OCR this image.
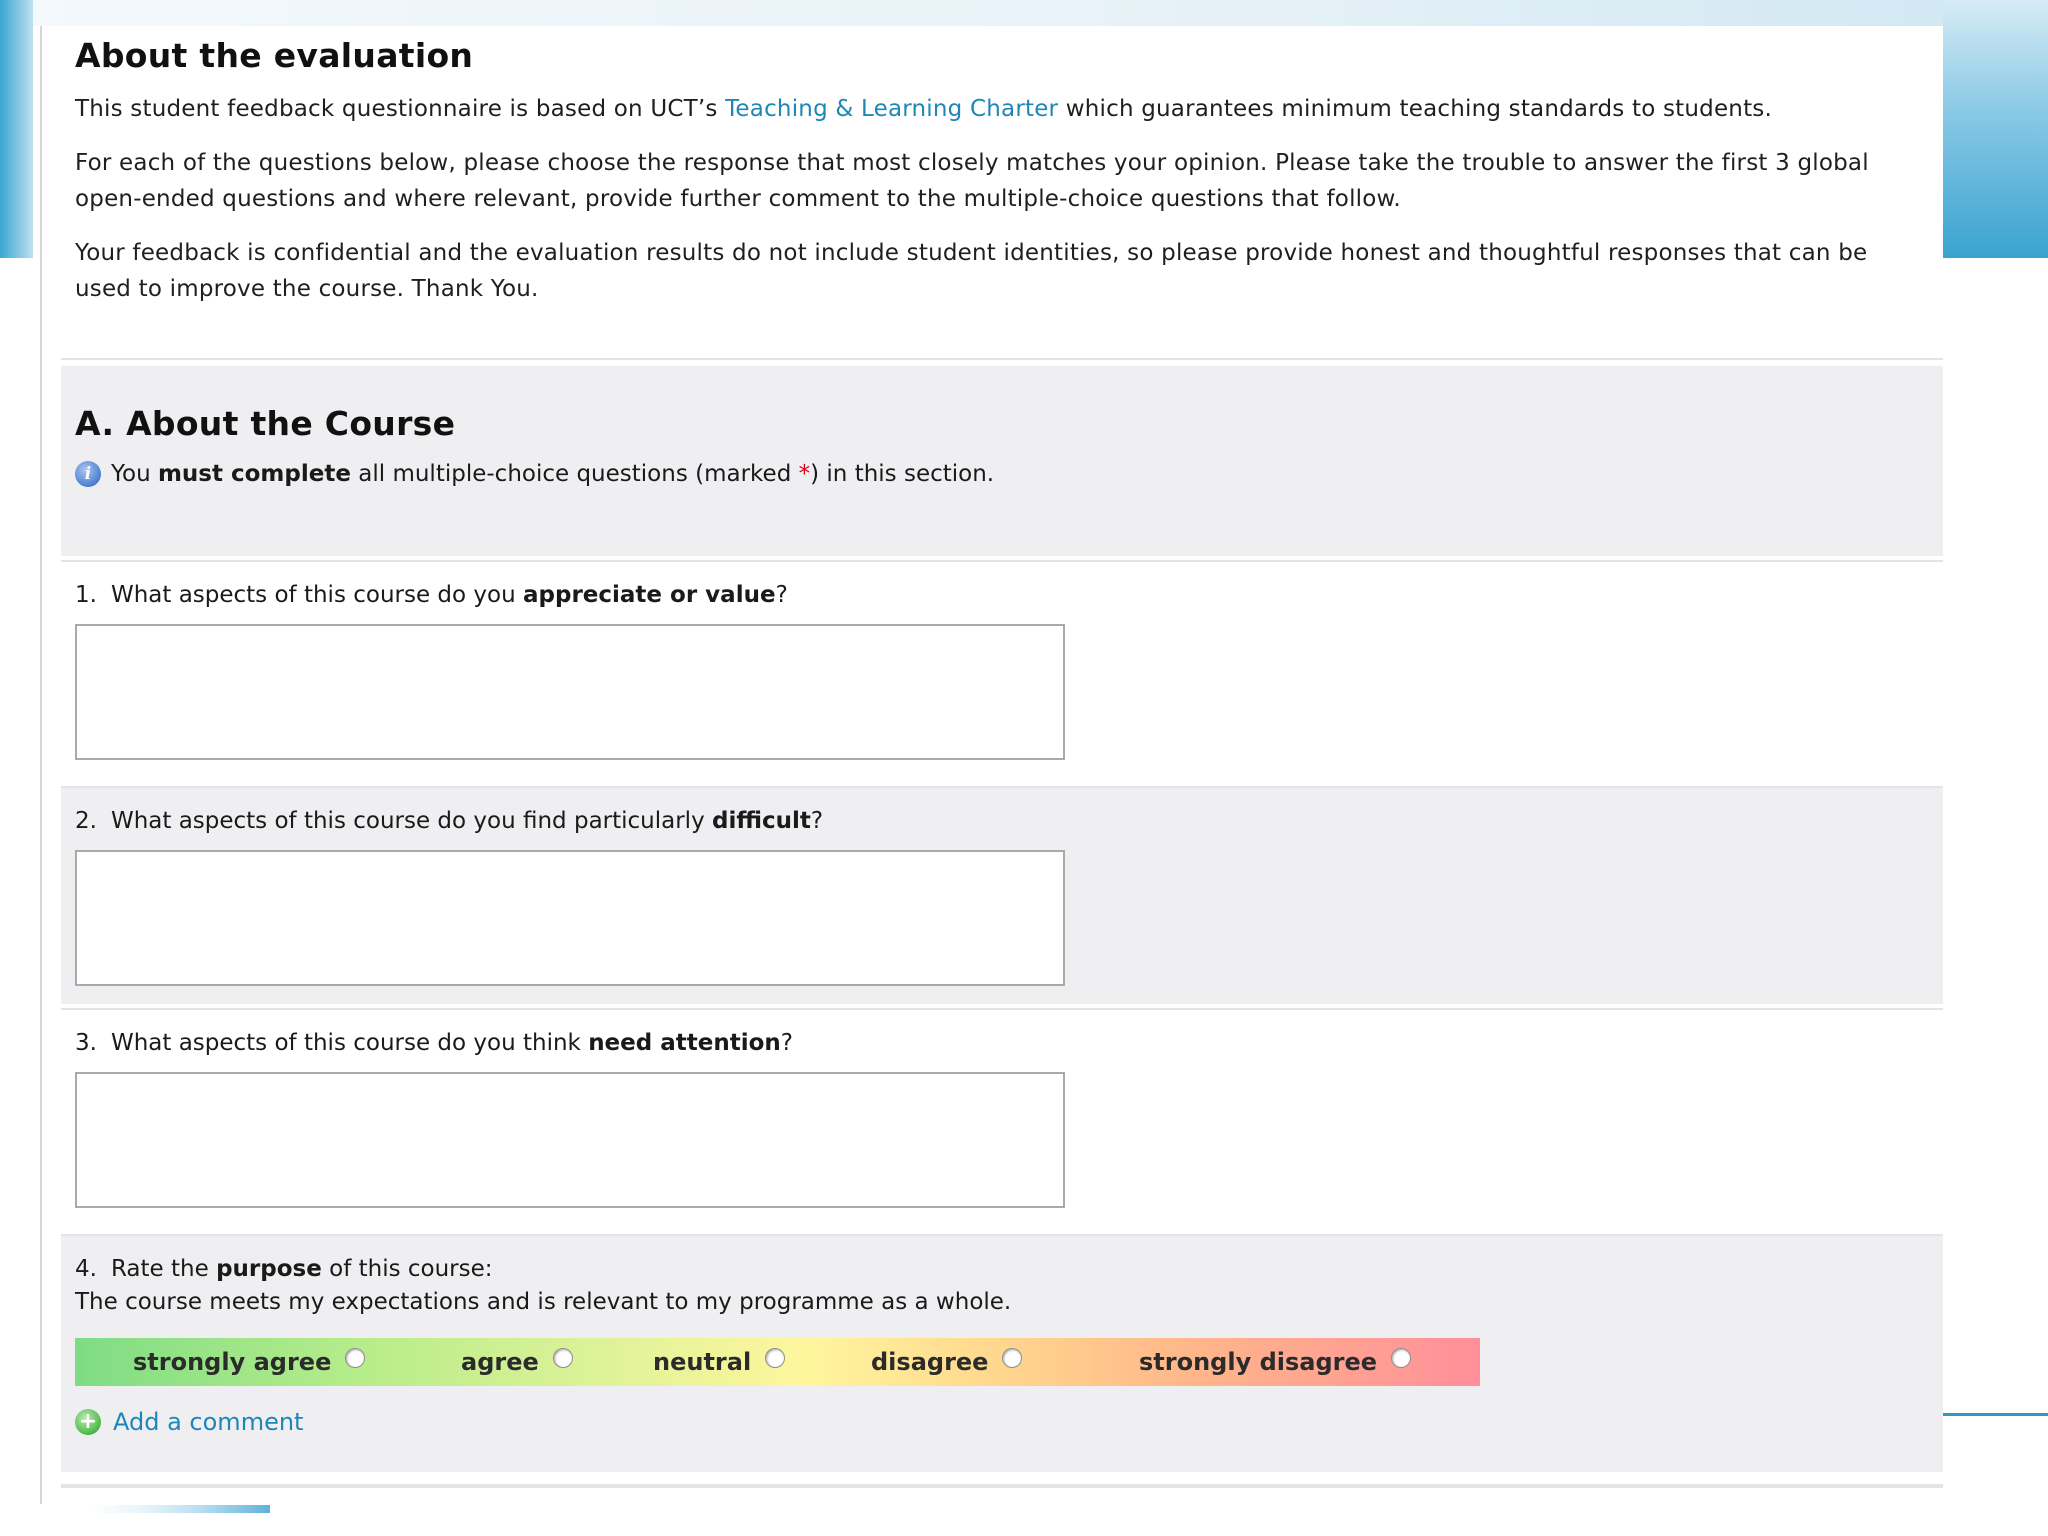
About the evaluation

This student feedback questionnaire is based on UCT’s Teaching & Learning Charter which guarantees minimum teaching standards to students.

For each of the questions below, please choose the response that most closely matches your opinion. Please take the trouble to answer the first 3 global open-ended questions and where relevant, provide further comment to the multiple-choice questions that follow.

Your feedback is confidential and the evaluation results do not include student identities, so please provide honest and thoughtful responses that can be used to improve the course. Thank You.

A. About the Course
i You must complete all multiple-choice questions (marked *) in this section.
1. What aspects of this course do you appreciate or value?
2. What aspects of this course do you find particularly difficult?
3. What aspects of this course do you think need attention?
4. Rate the purpose of this course:
The course meets my expectations and is relevant to my programme as a whole.
strongly agree	agree	neutral	disagree	strongly disagree
+ Add a comment
